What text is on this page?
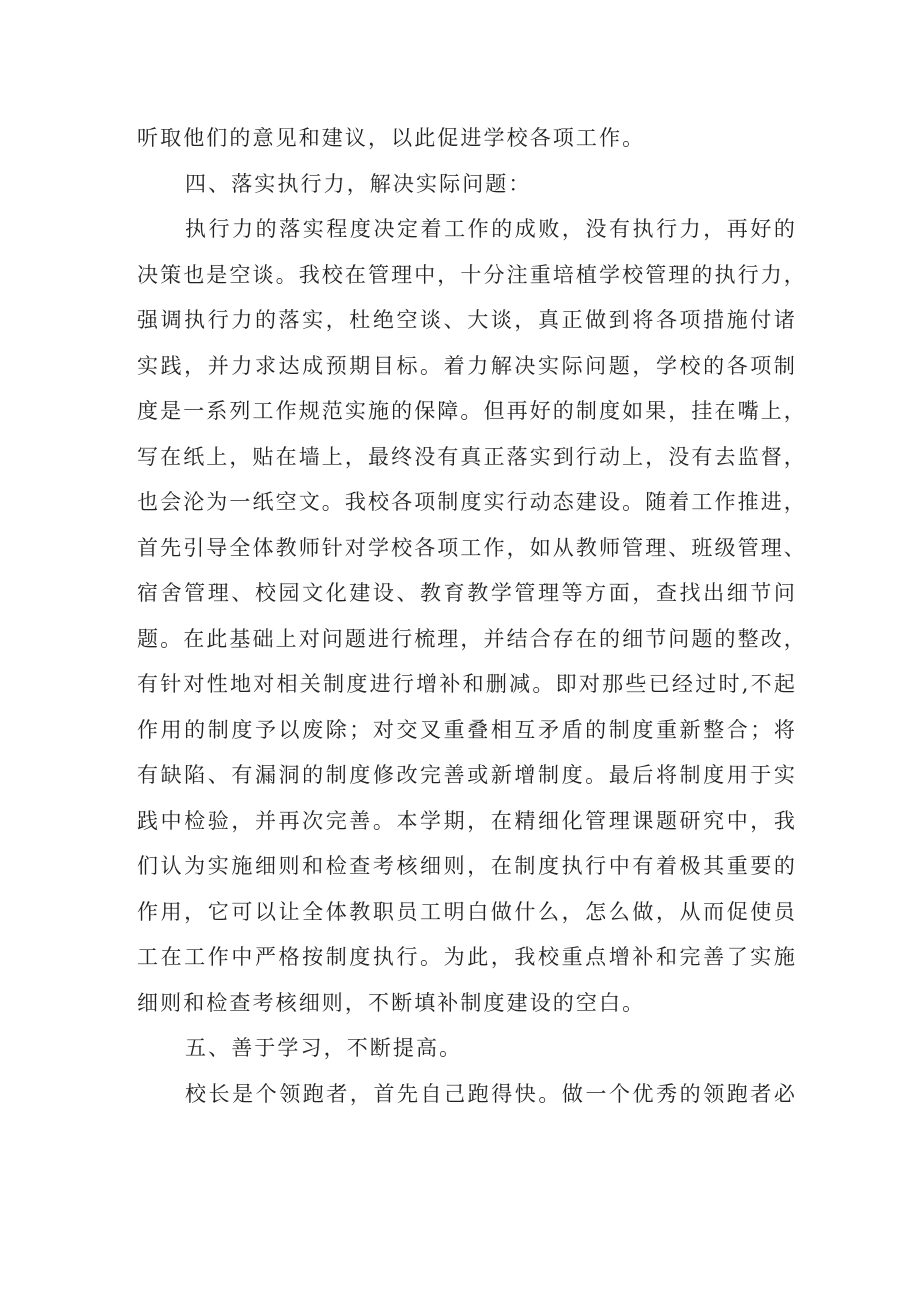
听取他们的意见和建议，以此促进学校各项工作。
四、落实执行力，解决实际问题：
执行力的落实程度决定着工作的成败，没有执行力，再好的
决策也是空谈。我校在管理中，十分注重培植学校管理的执行力，
强调执行力的落实，杜绝空谈、大谈，真正做到将各项措施付诸
实践，并力求达成预期目标。着力解决实际问题，学校的各项制
度是一系列工作规范实施的保障。但再好的制度如果，挂在嘴上，
写在纸上，贴在墙上，最终没有真正落实到行动上，没有去监督，
也会沦为一纸空文。我校各项制度实行动态建设。随着工作推进，
首先引导全体教师针对学校各项工作，如从教师管理、班级管理、
宿舍管理、校园文化建设、教育教学管理等方面，查找出细节问
题。在此基础上对问题进行梳理，并结合存在的细节问题的整改，
有针对性地对相关制度进行增补和删减。即对那些已经过时,不起
作用的制度予以废除；对交叉重叠相互矛盾的制度重新整合；将
有缺陷、有漏洞的制度修改完善或新增制度。最后将制度用于实
践中检验，并再次完善。本学期，在精细化管理课题研究中，我
们认为实施细则和检查考核细则，在制度执行中有着极其重要的
作用，它可以让全体教职员工明白做什么，怎么做，从而促使员
工在工作中严格按制度执行。为此，我校重点增补和完善了实施
细则和检查考核细则，不断填补制度建设的空白。
五、善于学习，不断提高。
校长是个领跑者，首先自己跑得快。做一个优秀的领跑者必
